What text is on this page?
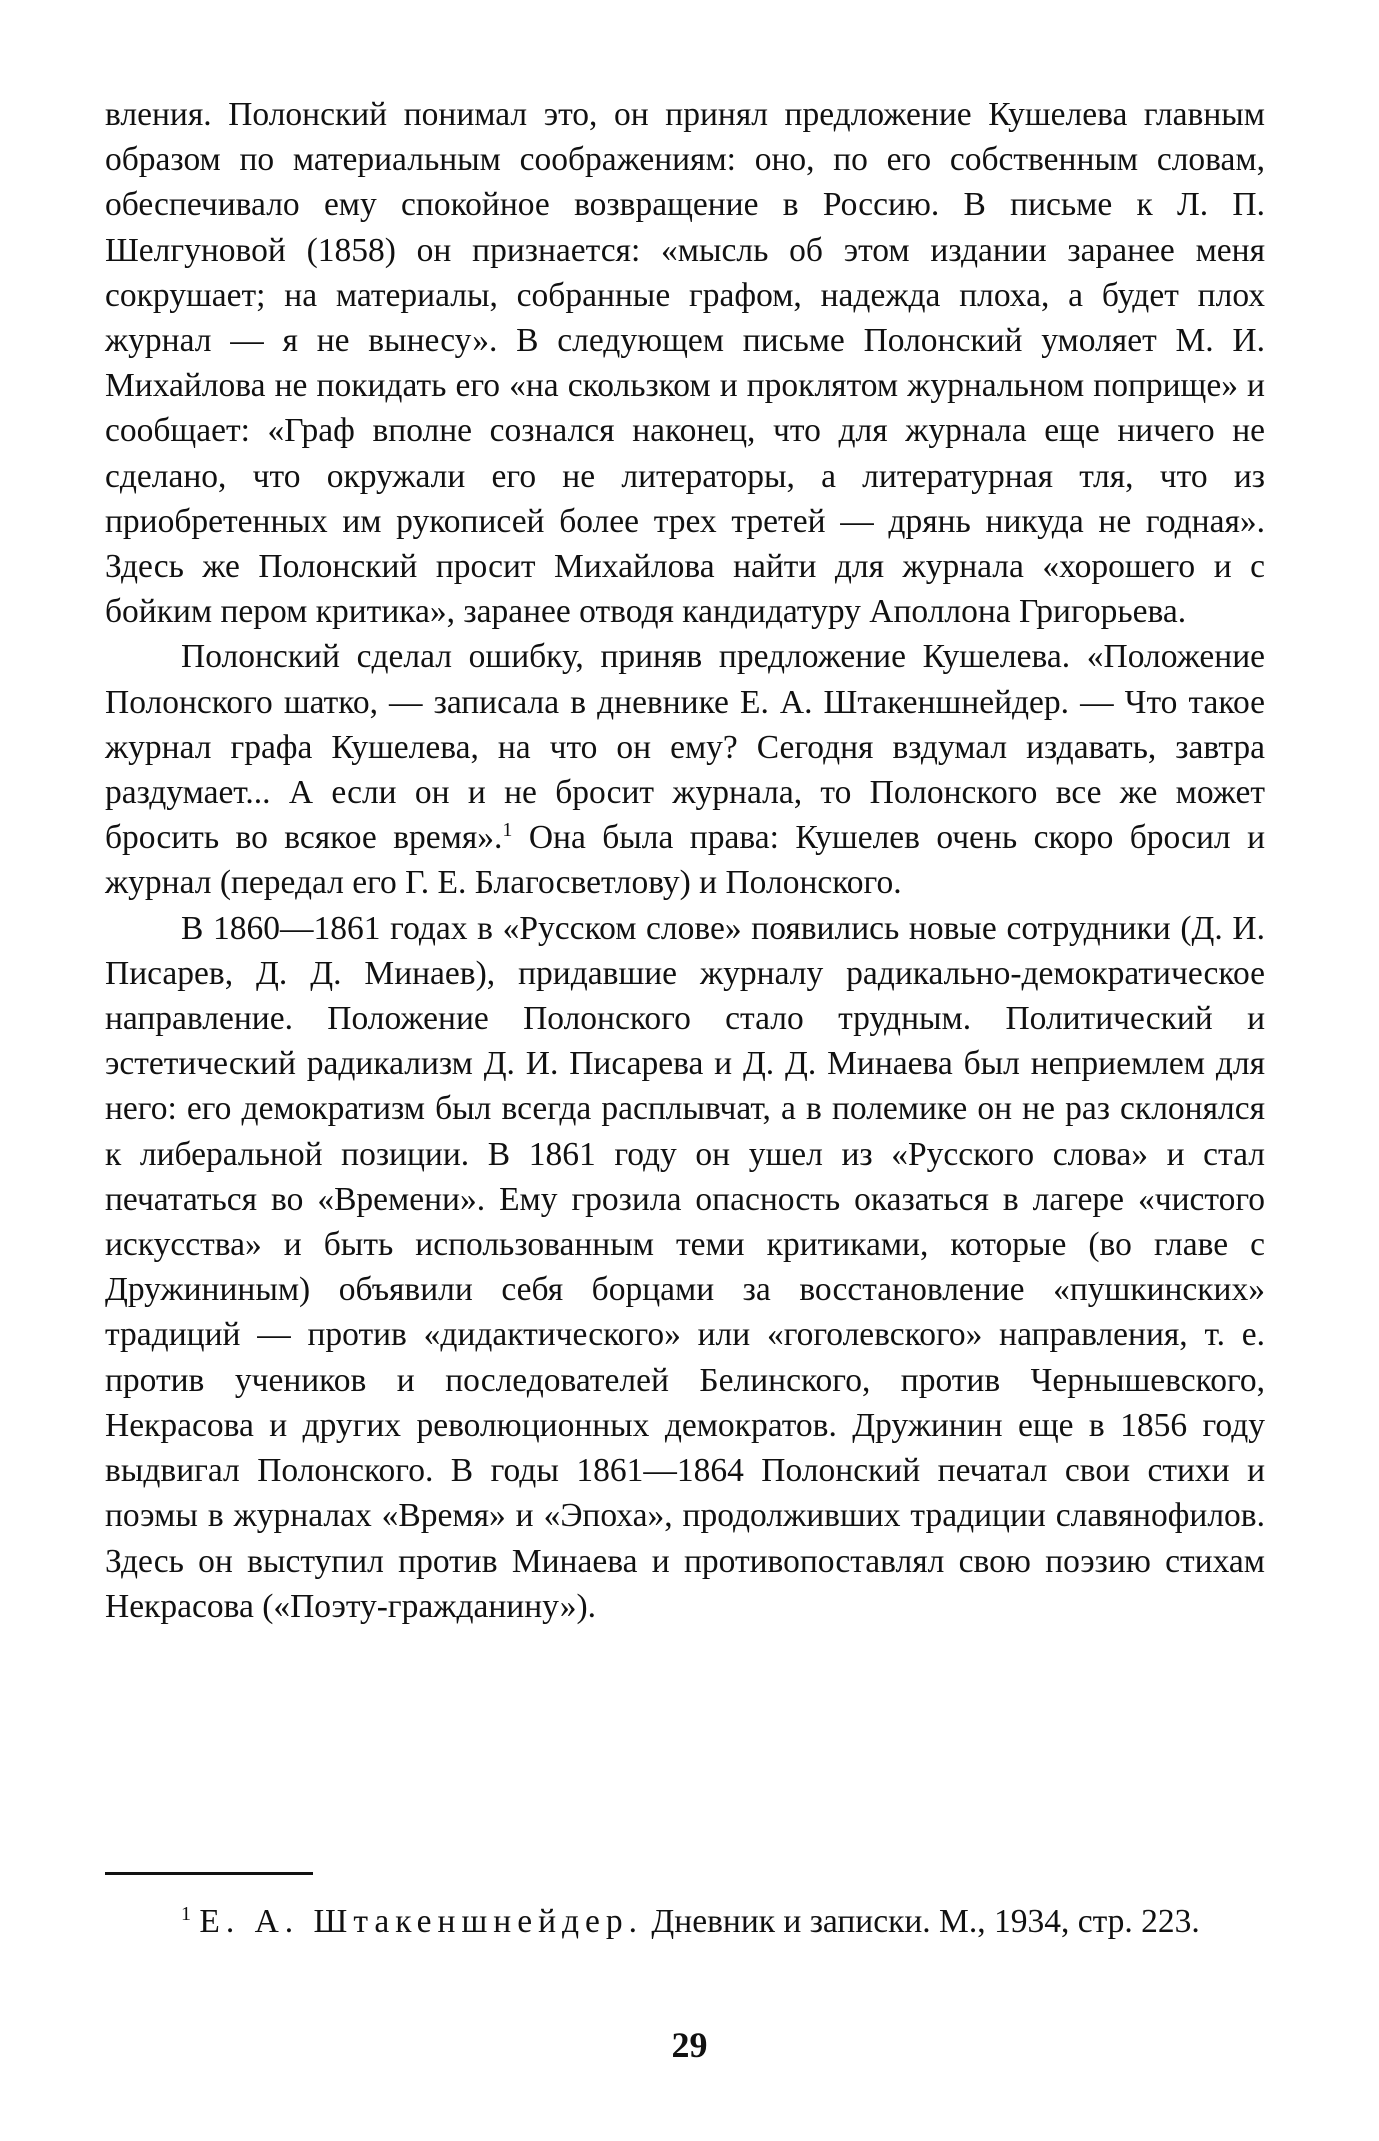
вления. Полонский понимал это, он принял предложение Кушелева главным образом по материальным соображениям: оно, по его собственным словам, обеспечивало ему спокойное возвращение в Россию. В письме к Л. П. Шелгуновой (1858) он признается: «мысль об этом издании заранее меня сокрушает; на материалы, собранные графом, надежда плоха, а будет плох журнал — я не вынесу». В следующем письме Полонский умоляет М. И. Михайлова не покидать его «на скользком и проклятом журнальном поприще» и сообщает: «Граф вполне сознался наконец, что для журнала еще ничего не сделано, что окружали его не литераторы, а литературная тля, что из приобретенных им рукописей более трех третей — дрянь никуда не годная». Здесь же Полонский просит Михайлова найти для журнала «хорошего и с бойким пером критика», заранее отводя кандидатуру Аполлона Григорьева.

Полонский сделал ошибку, приняв предложение Кушелева. «Положение Полонского шатко, — записала в дневнике Е. А. Штакеншнейдер. — Что такое журнал графа Кушелева, на что он ему? Сегодня вздумал издавать, завтра раздумает... А если он и не бросит журнала, то Полонского все же может бросить во всякое время».$^1$ Она была права: Кушелев очень скоро бросил и журнал (передал его Г. Е. Благосветлову) и Полонского.

В 1860—1861 годах в «Русском слове» появились новые сотрудники (Д. И. Писарев, Д. Д. Минаев), придавшие журналу радикально-демократическое направление. Положение Полонского стало трудным. Политический и эстетический радикализм Д. И. Писарева и Д. Д. Минаева был неприемлем для него: его демократизм был всегда расплывчат, а в полемике он не раз склонялся к либеральной позиции. В 1861 году он ушел из «Русского слова» и стал печататься во «Времени». Ему грозила опасность оказаться в лагере «чистого искусства» и быть использованным теми критиками, которые (во главе с Дружининым) объявили себя борцами за восстановление «пушкинских» традиций — против «дидактического» или «гоголевского» направления, т. е. против учеников и последователей Белинского, против Чернышевского, Некрасова и других революционных демократов. Дружинин еще в 1856 году выдвигал Полонского. В годы 1861—1864 Полонский печатал свои стихи и поэмы в журналах «Время» и «Эпоха», продолживших традиции славянофилов. Здесь он выступил против Минаева и противопоставлял свою поэзию стихам Некрасова («Поэту-гражданину»).

$^1$ Е. А. Штакеншнейдер. Дневник и записки. М., 1934, стр. 223.

29
